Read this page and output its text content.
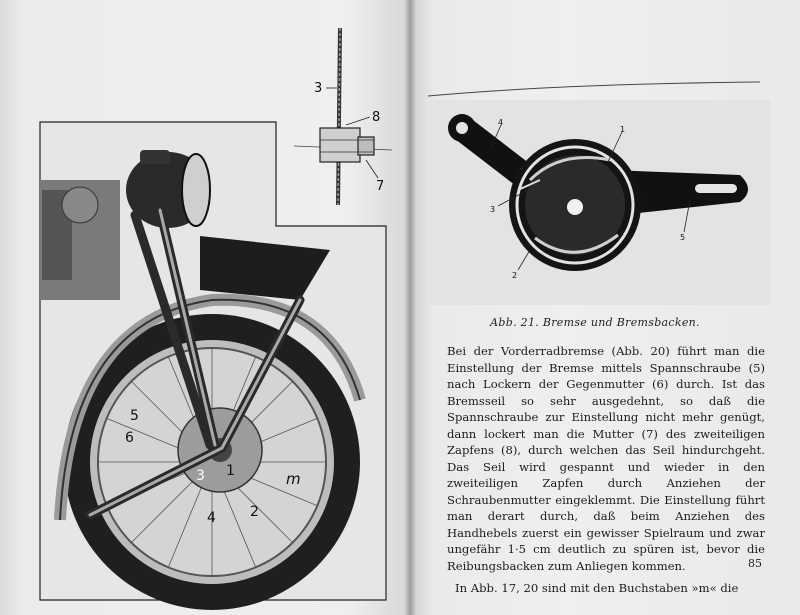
3
8
7
5
6
3 1
4 2
m
4
1
3
5
2

Abb. 21. Bremse und Bremsbacken.

Bei der Vorderradbremse (Abb. 20) führt man die Einstellung der Bremse mittels Spannschraube (5) nach Lockern der Gegenmutter (6) durch. Ist das Bremsseil so sehr ausgedehnt, so daß die Spannschraube zur Einstellung nicht mehr genügt, dann lockert man die Mutter (7) des zweiteiligen Zapfens (8), durch welchen das Seil hindurchgeht. Das Seil wird gespannt und wieder in den zweiteiligen Zapfen durch Anziehen der Schraubenmutter eingeklemmt. Die Einstellung führt man derart durch, daß beim Anziehen des Handhebels zuerst ein gewisser Spielraum und zwar ungefähr 1·5 cm deutlich zu spüren ist, bevor die Reibungsbacken zum Anliegen kommen.

In Abb. 17, 20 sind mit den Buchstaben »m« die

85
